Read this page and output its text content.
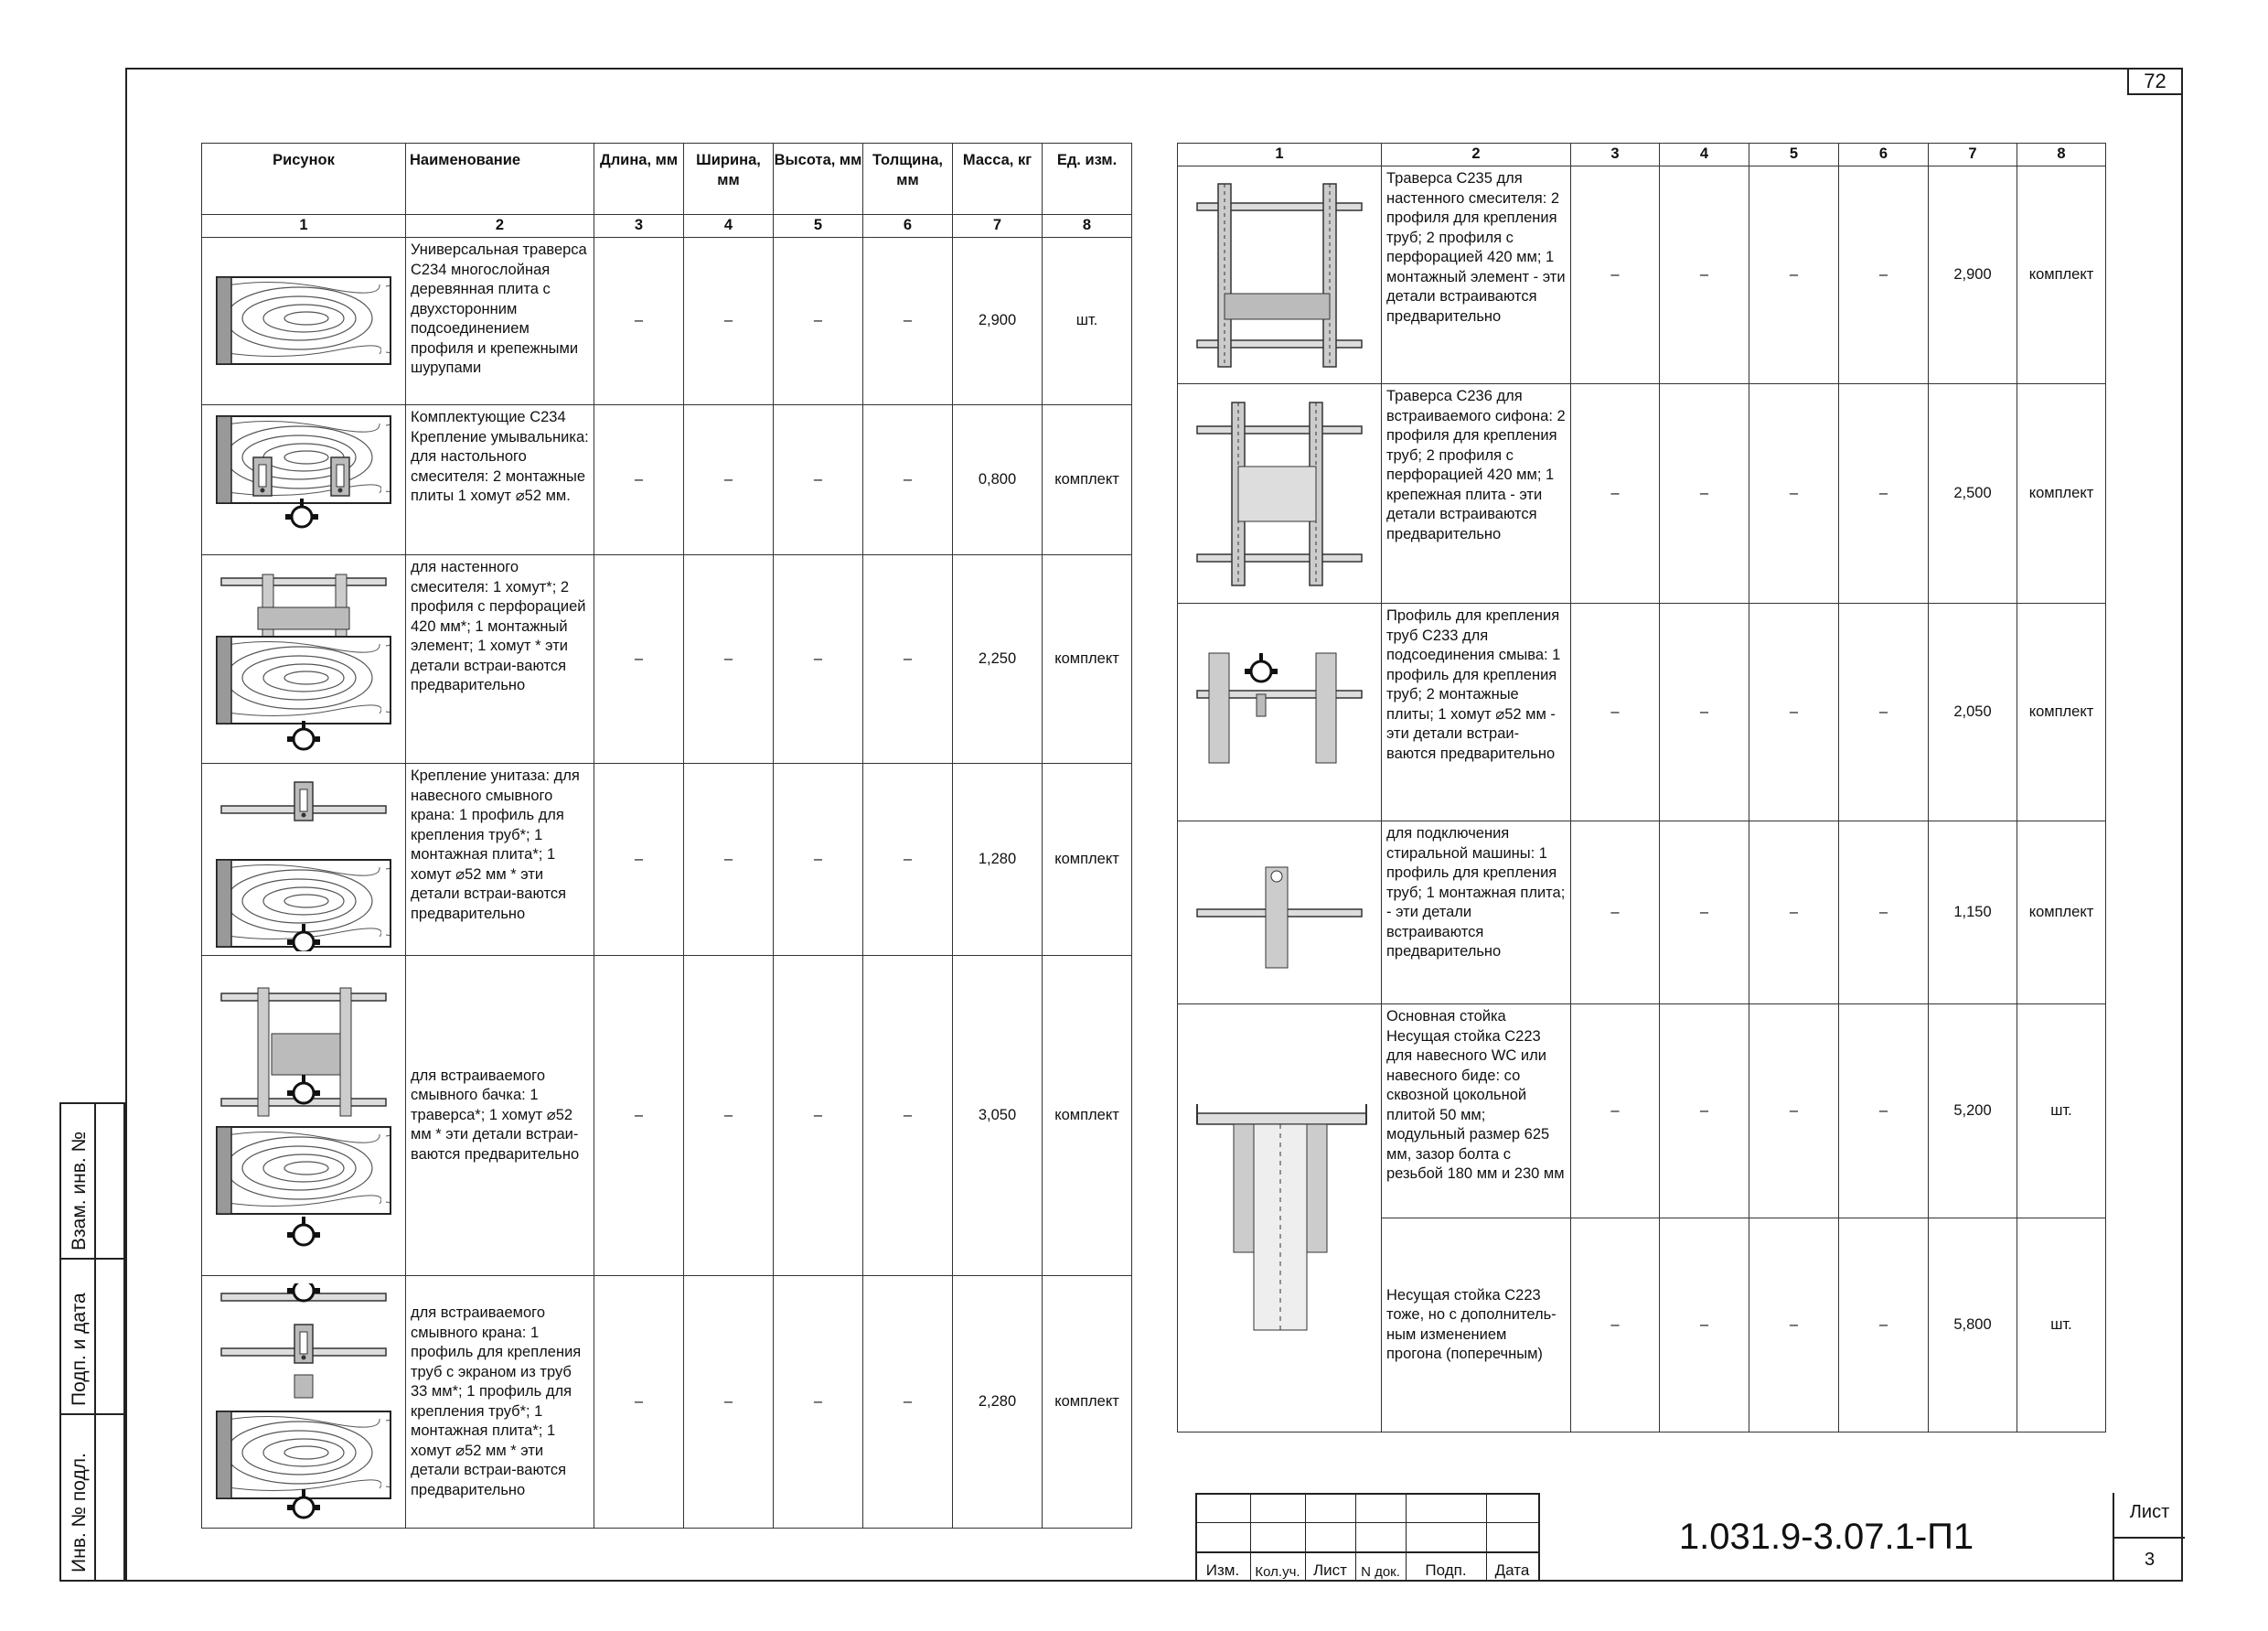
72
Взам. инв. №
Подп. и дата
Инв. № подл.
Рисунок	Наименование	Длина, мм	Ширина, мм	Высота, мм	Толщина, мм	Масса, кг	Ед. изм.
1	2	3	4	5	6	7	8

	Универсальная траверса С234 многослойная деревянная плита с двухсторонним подсоединением профиля и крепежными шурупами	–	–	–	–	2,900	шт.

	Комплектующие С234 Крепление умывальника: для настольного смесителя: 2 монтажные плиты 1 хомут ⌀52 мм.	–	–	–	–	0,800	комплект

	для настенного смесителя: 1 хомут*; 2 профиля с перфорацией 420 мм*; 1 монтажный элемент; 1 хомут * эти детали встраи-ваются предварительно	–	–	–	–	2,250	комплект

	Крепление унитаза: для навесного смывного крана: 1 профиль для крепления труб*; 1 монтажная плита*; 1 хомут ⌀52 мм * эти детали встраи-ваются предварительно	–	–	–	–	1,280	комплект

	для встраиваемого смывного бачка: 1 траверса*; 1 хомут ⌀52 мм * эти детали встраи-ваются предварительно	–	–	–	–	3,050	комплект

	для встраиваемого смывного крана: 1 профиль для крепления труб с экраном из труб 33 мм*; 1 профиль для крепления труб*; 1 монтажная плита*; 1 хомут ⌀52 мм * эти детали встраи-ваются предварительно	–	–	–	–	2,280	комплект
1	2	3	4	5	6	7	8

	Траверса С235 для настенного смесителя: 2 профиля для крепления труб; 2 профиля с перфорацией 420 мм; 1 монтажный элемент - эти детали встраиваются предварительно	–	–	–	–	2,900	комплект

	Траверса С236 для встраиваемого сифона: 2 профиля для крепления труб; 2 профиля с перфорацией 420 мм; 1 крепежная плита - эти детали встраиваются предварительно	–	–	–	–	2,500	комплект

	Профиль для крепления труб С233 для подсоединения смыва: 1 профиль для крепления труб; 2 монтажные плиты; 1 хомут ⌀52 мм - эти детали встраи-ваются предварительно	–	–	–	–	2,050	комплект

	для подключения стиральной машины: 1 профиль для крепления труб; 1 монтажная плита; - эти детали встраиваются предварительно	–	–	–	–	1,150	комплект

	Основная стойка Несущая стойка С223 для навесного WC или навесного биде: со сквозной цокольной плитой 50 мм; модульный размер 625 мм, зазор болта с резьбой 180 мм и 230 мм	–	–	–	–	5,200	шт.
	Несущая стойка С223 тоже, но с дополнитель-ным изменением прогона (поперечным)	–	–	–	–	5,800	шт.
Изм.	Кол.уч. Лист	N док.	Подп.	Дата
1.031.9-3.07.1-П1
Лист
3
